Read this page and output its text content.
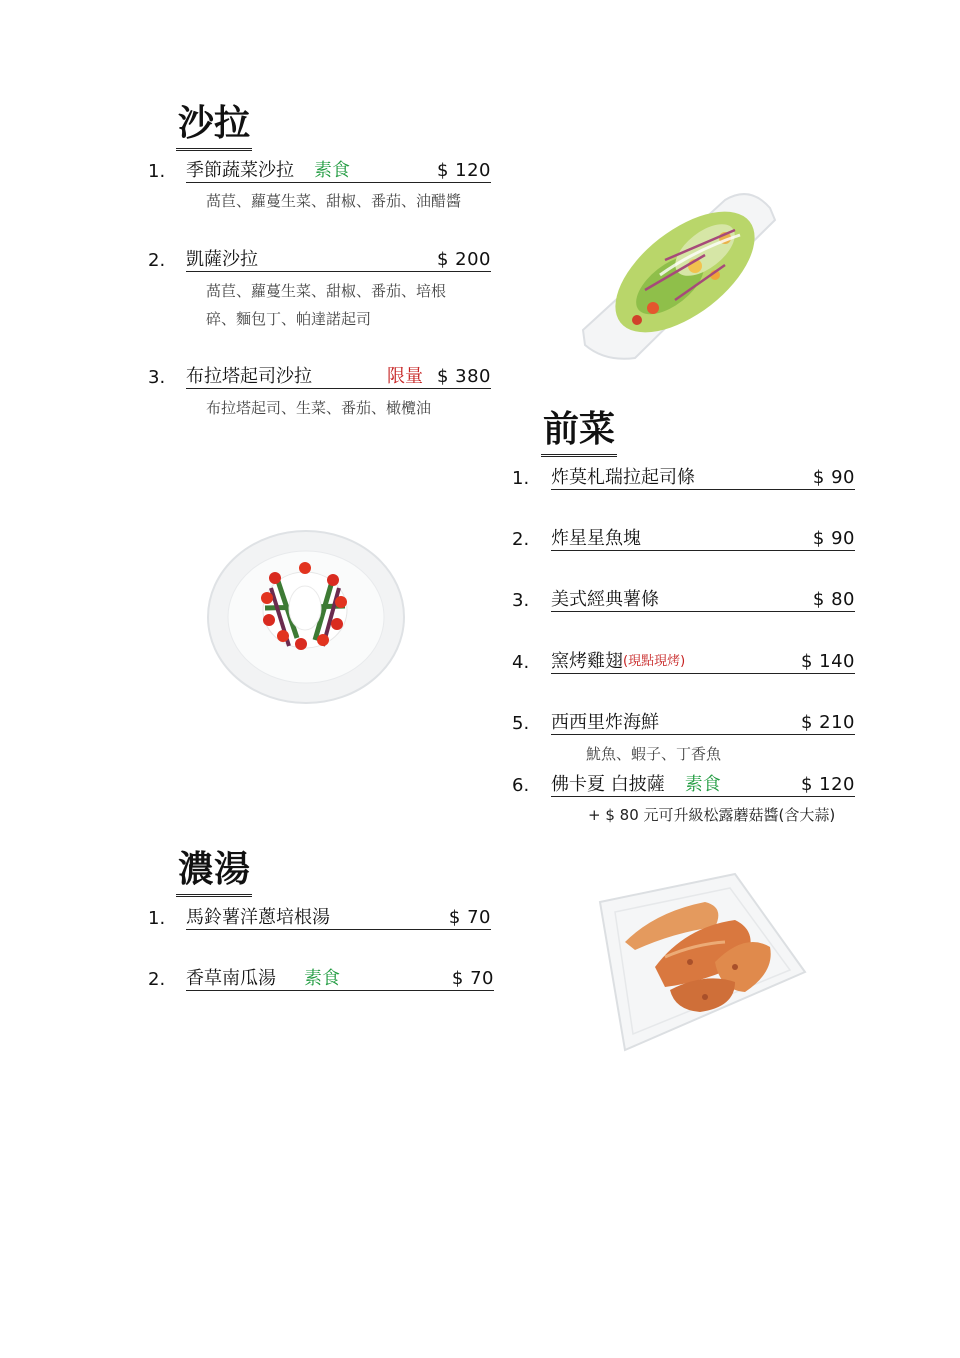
沙拉
1. 季節蔬菜沙拉 素食	$ 120
萵苣、蘿蔓生菜、甜椒、番茄、油醋醬
2. 凱薩沙拉	$ 200
萵苣、蘿蔓生菜、甜椒、番茄、培根
碎、麵包丁、帕達諾起司
3. 布拉塔起司沙拉	限量 $ 380
布拉塔起司、生菜、番茄、橄欖油
前菜
1. 炸莫札瑞拉起司條	$ 90
2. 炸星星魚塊	$ 90
3. 美式經典薯條	$ 80
4. 窯烤雞翅 (現點現烤)	$ 140
5. 西西里炸海鮮	$ 210
魷魚、蝦子、丁香魚
6. 佛卡夏 白披薩 素食	$ 120
+ $ 80 元可升級松露蘑菇醬(含大蒜)
濃湯
1. 馬鈴薯洋蔥培根湯	$ 70
2. 香草南瓜湯 素食	$ 70
